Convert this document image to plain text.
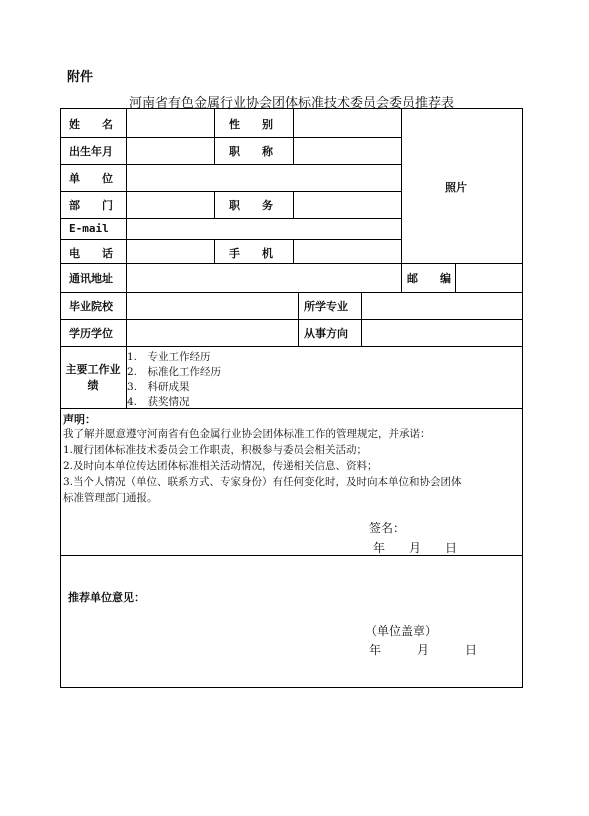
附件
河南省有色金属行业协会团体标准技术委员会委员推荐表
姓　　名	性　　别
出生年月	职　　称
单　　位
部　　门	职　　务
E-mail
电　　话	手　　机
照片
通讯地址	邮　　编
毕业院校	所学专业
学历学位	从事方向
主要工作业绩
1.　专业工作经历
2.　标准化工作经历
3.　科研成果
4.　获奖情况
声明：
我了解并愿意遵守河南省有色金属行业协会团体标准工作的管理规定，并承诺：
1.履行团体标准技术委员会工作职责，积极参与委员会相关活动；
2.及时向本单位传达团体标准相关活动情况，传递相关信息、资料；
3.当个人情况（单位、联系方式、专家身份）有任何变化时，及时向本单位和协会团体
标准管理部门通报。
签名：
年　　月　　日
推荐单位意见：
（单位盖章）
年　　　月　　　日
